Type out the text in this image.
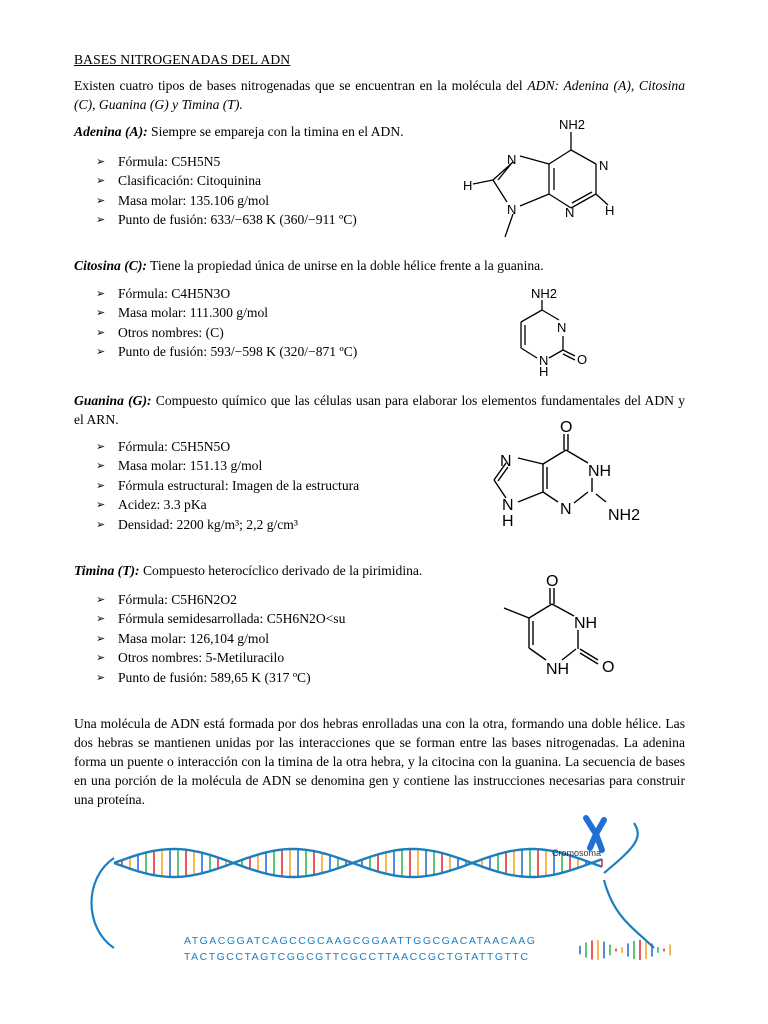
BASES NITROGENADAS DEL ADN
Existen cuatro tipos de bases nitrogenadas que se encuentran en la molécula del ADN: Adenina (A), Citosina (C), Guanina (G) y Timina (T).
Adenina (A): Siempre se empareja con la timina en el ADN.
➢ Fórmula: C5H5N5
➢ Clasificación: Citoquinina
➢ Masa molar: 135.106 g/mol
➢ Punto de fusión: 633/−638 K (360/−911 ºC)
NH2
N
N
N
N
H
H
Citosina (C): Tiene la propiedad única de unirse en la doble hélice frente a la guanina.
➢ Fórmula: C4H5N3O
➢ Masa molar: 111.300 g/mol
➢ Otros nombres: (C)
➢ Punto de fusión: 593/−598 K (320/−871 ºC)
NH2
N
N
H
O
Guanina (G): Compuesto químico que las células usan para elaborar los elementos fundamentales del ADN y el ARN.
➢ Fórmula: C5H5N5O
➢ Masa molar: 151.13 g/mol
➢ Fórmula estructural: Imagen de la estructura
➢ Acidez: 3.3 pKa
➢ Densidad: 2200 kg/m³; 2,2 g/cm³
O
N
NH
N
H
N NH2
Timina (T): Compuesto heterocíclico derivado de la pirimidina.
➢ Fórmula: C5H6N2O2
➢ Fórmula semidesarrollada: C5H6N2O<su
➢ Masa molar: 126,104 g/mol
➢ Otros nombres: 5-Metiluracilo
➢ Punto de fusión: 589,65 K (317 ºC)
O
NH
NH O
Una molécula de ADN está formada por dos hebras enrolladas una con la otra, formando una doble hélice. Las dos hebras se mantienen unidas por las interacciones que se forman entre las bases nitrogenadas. La adenina forma un puente o interacción con la timina de la otra hebra, y la citocina con la guanina. La secuencia de bases en una porción de la molécula de ADN se denomina gen y contiene las instrucciones necesarias para construir una proteína.
Cromosoma
ATGACGGATCAGCCGCAAGCGGAATTGGCGACATAACAAG
TACTGCCTAGTCGGCGTTCGCCTTAACCGCTGTATTGTTC
